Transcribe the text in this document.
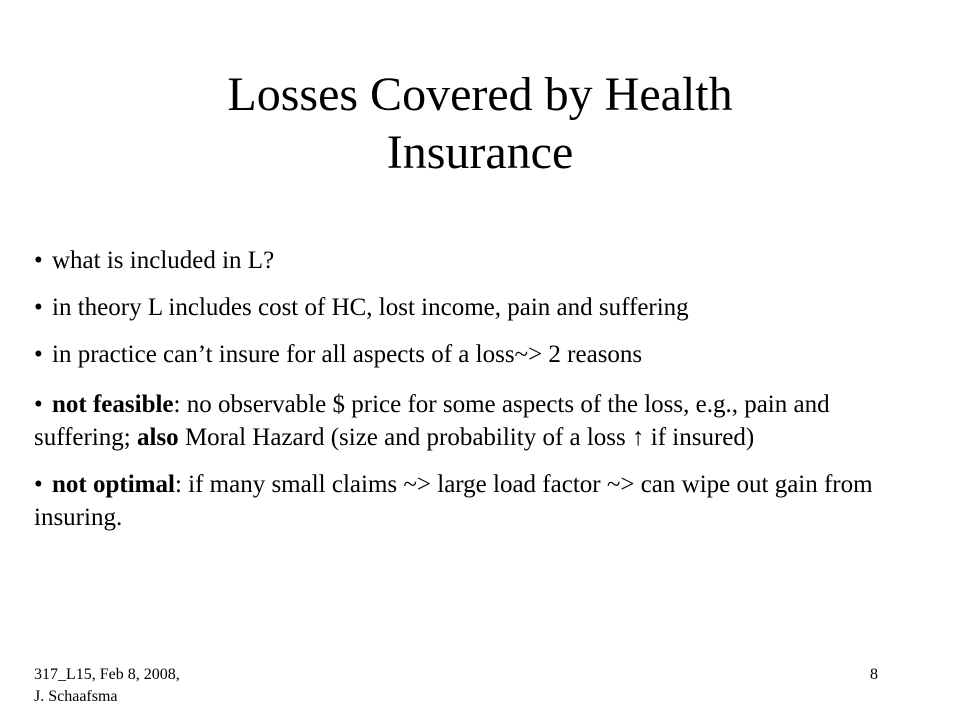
Losses Covered by Health
Insurance
• what is included in L?
• in theory L includes cost of HC, lost income, pain and suffering
• in practice can’t insure for all aspects of a loss~> 2 reasons
• not feasible: no observable $ price for some aspects of the loss, e.g., pain and suffering; also Moral Hazard (size and probability of a loss ↑ if insured)
• not optimal: if many small claims ~> large load factor ~> can wipe out gain from insuring.
317_L15, Feb 8, 2008,
J. Schaafsma
8
